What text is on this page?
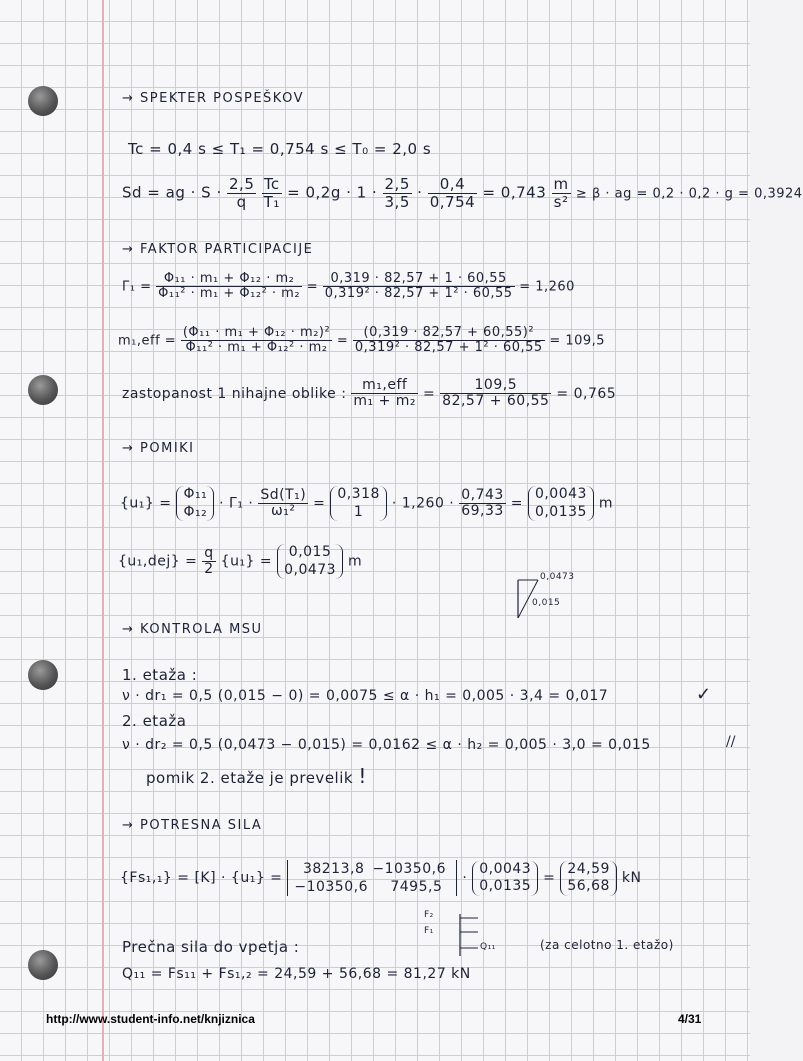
→ SPEKTER POSPEŠKOV
Tc = 0,4 s ≤ T₁ = 0,754 s ≤ T₀ = 2,0 s
Sd = ag · $S \cdot \frac{2,5}{q}$
$\frac{Tc}{\text{T₁}} = 0,2g \cdot 1 \cdot \frac{2,5}{3,5} \cdot \frac{0,4}{0,754} = 0,743 \frac{m}{\text{s²}} \ge \beta$ · ag = 0,2 · 0,2 · g = 0,3924
→ FAKTOR PARTICIPACIJE
$\Gamma_1 = \frac{\text{Φ₁₁ · m₁ + Φ₁₂ · m₂}}{\text{Φ₁₁² · m₁ + Φ₁₂² · m₂}} = \frac{0,319 \cdot 82,57 + 1 \cdot 60,55}{\text{0,319² · 82,57 + 1² · 60,55}} = 1,260$
$m_1,eff = \frac{\text{(Φ₁₁ · m₁ + Φ₁₂ · m₂)²}}{\text{Φ₁₁² · m₁ + Φ₁₂² · m₂}} = \frac{\text{(0,319 · 82,57 + 60,55)²}}{\text{0,319² · 82,57 + 1² · 60,55}} = 109,5$
zastopanost 1 nihajne oblike : $\frac{\text{m₁,eff}}{\text{m₁ + m₂}} = \frac{109,5}{82,57 + 60,55} = 0,765$
→ POMIKI
{u₁} =
Φ₁₁
$\Phi_{12} \cdot \Gamma_1 \cdot \frac{\text{Sd(T₁)}}{\text{ω₁²}}$ =
0,318
1	· $1,260 \cdot \frac{0,743}{69,33}$ =
0,0043
0,0135 m
$\{u_1,dej\} = \frac{q}{2} \{u_1\}$ =
0,015
0,0473 m
0,0473
0,015
→ KONTROLA MSU
1. etaža :
ν · dr₁ = 0,5 (0,015 − 0) = 0,0075 ≤ α · h₁ = 0,005 · 3,4 = 0,017	✓
2. etaža
ν · dr₂ = 0,5 (0,0473 − 0,015) = 0,0162 ≤ α · h₂ = 0,005 · 3,0 = 0,015	//
pomik 2. etaže je prevelik !
→ POTRESNA SILA
{Fs₁,₁} = [K] · {u₁} =
38213,8 −10350,6
−10350,6 7495,5
·
0,0043
0,0135 =
24,59
56,68 kN
F₂
F₁
Q₁₁
Prečna sila do vpetja :	(za celotno 1. etažo)
Q₁₁ = Fs₁₁ + Fs₁,₂ = 24,59 + 56,68 = 81,27 kN
http://www.student-info.net/knjiznica	4/31
